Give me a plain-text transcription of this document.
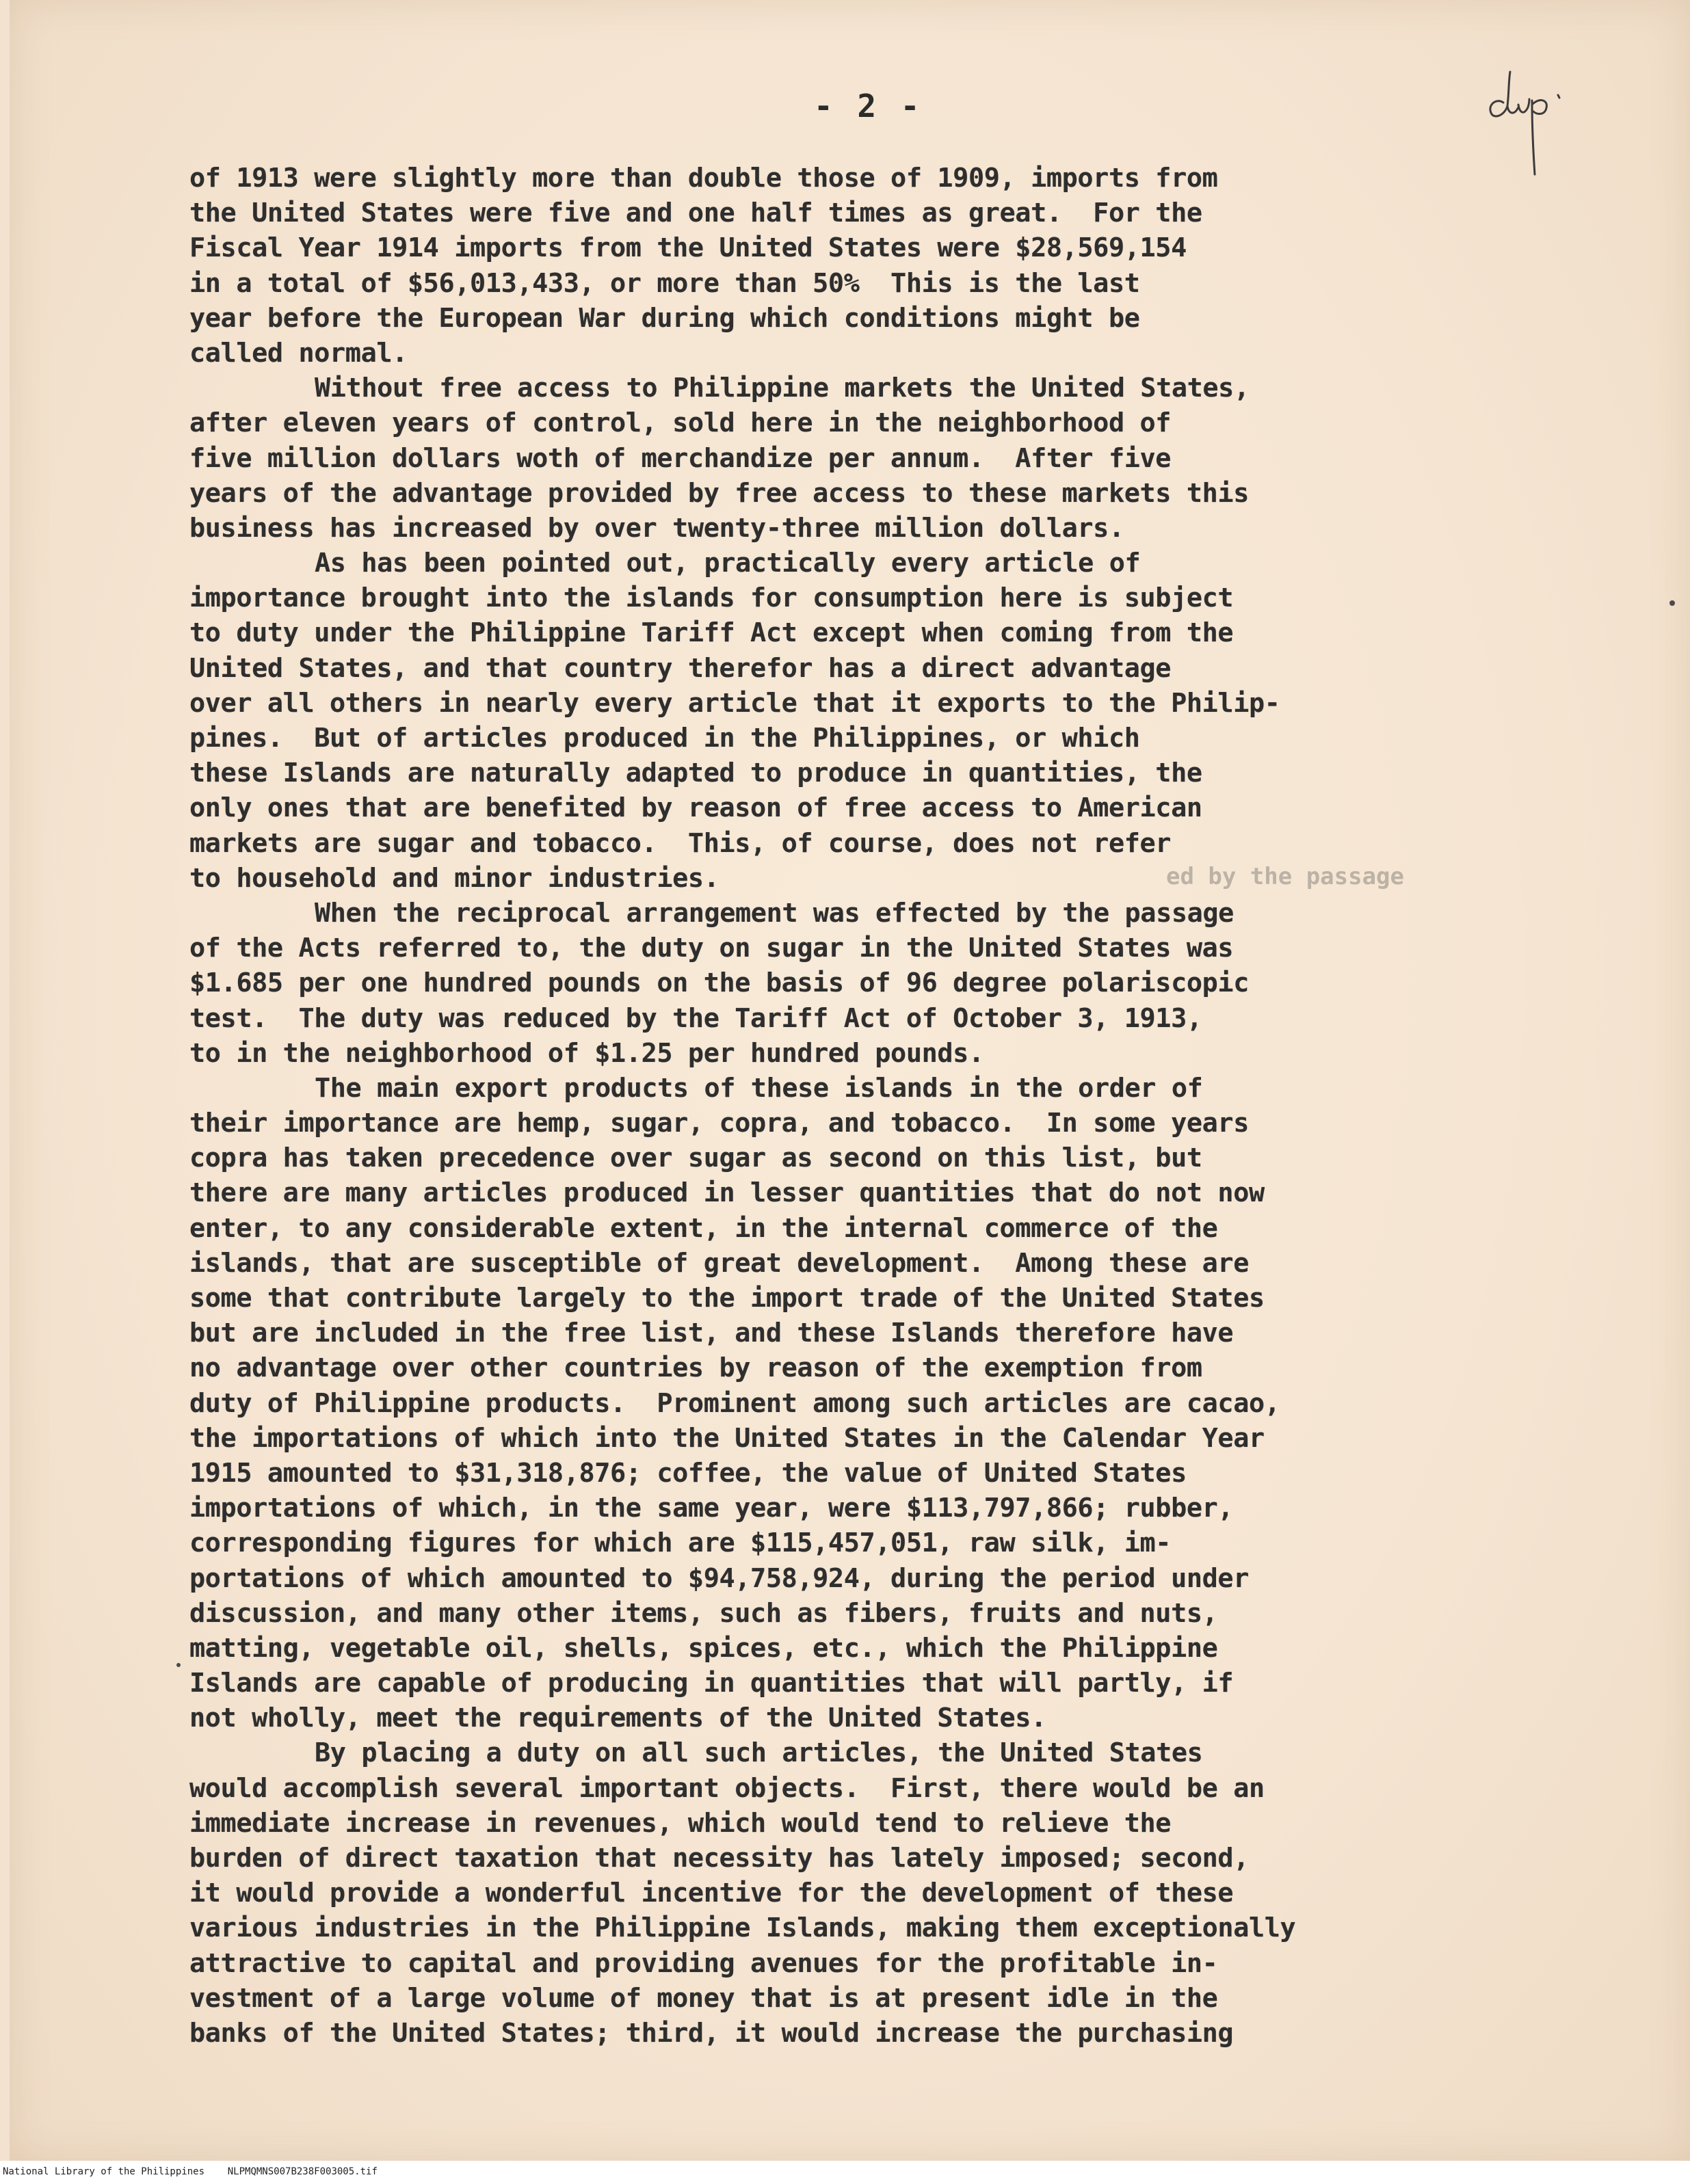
- 2 -
ed by the passage
of 1913 were slightly more than double those of 1909, imports from
the United States were five and one half times as great.  For the
Fiscal Year 1914 imports from the United States were $28,569,154
in a total of $56,013,433, or more than 50%  This is the last
year before the European War during which conditions might be
called normal.
Without free access to Philippine markets the United States,
after eleven years of control, sold here in the neighborhood of
five million dollars woth of merchandize per annum.  After five
years of the advantage provided by free access to these markets this
business has increased by over twenty-three million dollars.
As has been pointed out, practically every article of
importance brought into the islands for consumption here is subject
to duty under the Philippine Tariff Act except when coming from the
United States, and that country therefor has a direct advantage
over all others in nearly every article that it exports to the Philip-
pines.  But of articles produced in the Philippines, or which
these Islands are naturally adapted to produce in quantities, the
only ones that are benefited by reason of free access to American
markets are sugar and tobacco.  This, of course, does not refer
to household and minor industries.
When the reciprocal arrangement was effected by the passage
of the Acts referred to, the duty on sugar in the United States was
$1.685 per one hundred pounds on the basis of 96 degree polariscopic
test.  The duty was reduced by the Tariff Act of October 3, 1913,
to in the neighborhood of $1.25 per hundred pounds.
The main export products of these islands in the order of
their importance are hemp, sugar, copra, and tobacco.  In some years
copra has taken precedence over sugar as second on this list, but
there are many articles produced in lesser quantities that do not now
enter, to any considerable extent, in the internal commerce of the
islands, that are susceptible of great development.  Among these are
some that contribute largely to the import trade of the United States
but are included in the free list, and these Islands therefore have
no advantage over other countries by reason of the exemption from
duty of Philippine products.  Prominent among such articles are cacao,
the importations of which into the United States in the Calendar Year
1915 amounted to $31,318,876; coffee, the value of United States
importations of which, in the same year, were $113,797,866; rubber,
corresponding figures for which are $115,457,051, raw silk, im-
portations of which amounted to $94,758,924, during the period under
discussion, and many other items, such as fibers, fruits and nuts,
matting, vegetable oil, shells, spices, etc., which the Philippine
Islands are capable of producing in quantities that will partly, if
not wholly, meet the requirements of the United States.
By placing a duty on all such articles, the United States
would accomplish several important objects.  First, there would be an
immediate increase in revenues, which would tend to relieve the
burden of direct taxation that necessity has lately imposed; second,
it would provide a wonderful incentive for the development of these
various industries in the Philippine Islands, making them exceptionally
attractive to capital and providing avenues for the profitable in-
vestment of a large volume of money that is at present idle in the
banks of the United States; third, it would increase the purchasing
National Library of the Philippines NLPMQMNS007B238F003005.tif
